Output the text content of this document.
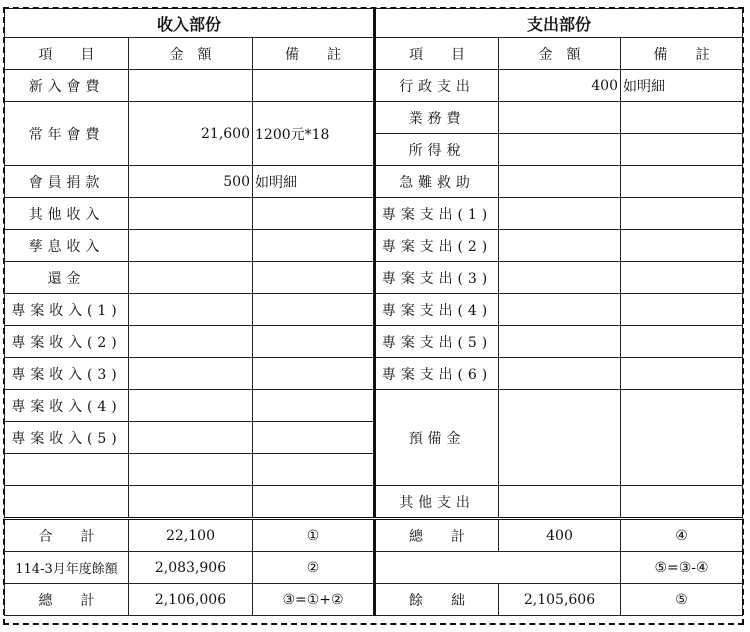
收入部份			支出部份		
項　　目	金　額	備　　註	項　　目	金　額	備　　註
新入會費			行政支出	400	如明細
常年會費	21,600	1200元*18	業務費		
			所得稅		
會員捐款	500	如明細	急難救助		
其他收入			專案支出(1)		
孳息收入			專案支出(2)		
還金			專案支出(3)		
專案收入(1)			專案支出(4)		
專案收入(2)			專案支出(5)		
專案收入(3)			專案支出(6)		
專案收入(4)			預備金		
專案收入(5)					

			其他支出		
合　　計	22,100	①	總　　計	400	④
114-3月年度餘額	2,083,906	②			⑤=③-④
總　　計	2,106,006	③=①+②	餘　　絀	2,105,606	⑤
